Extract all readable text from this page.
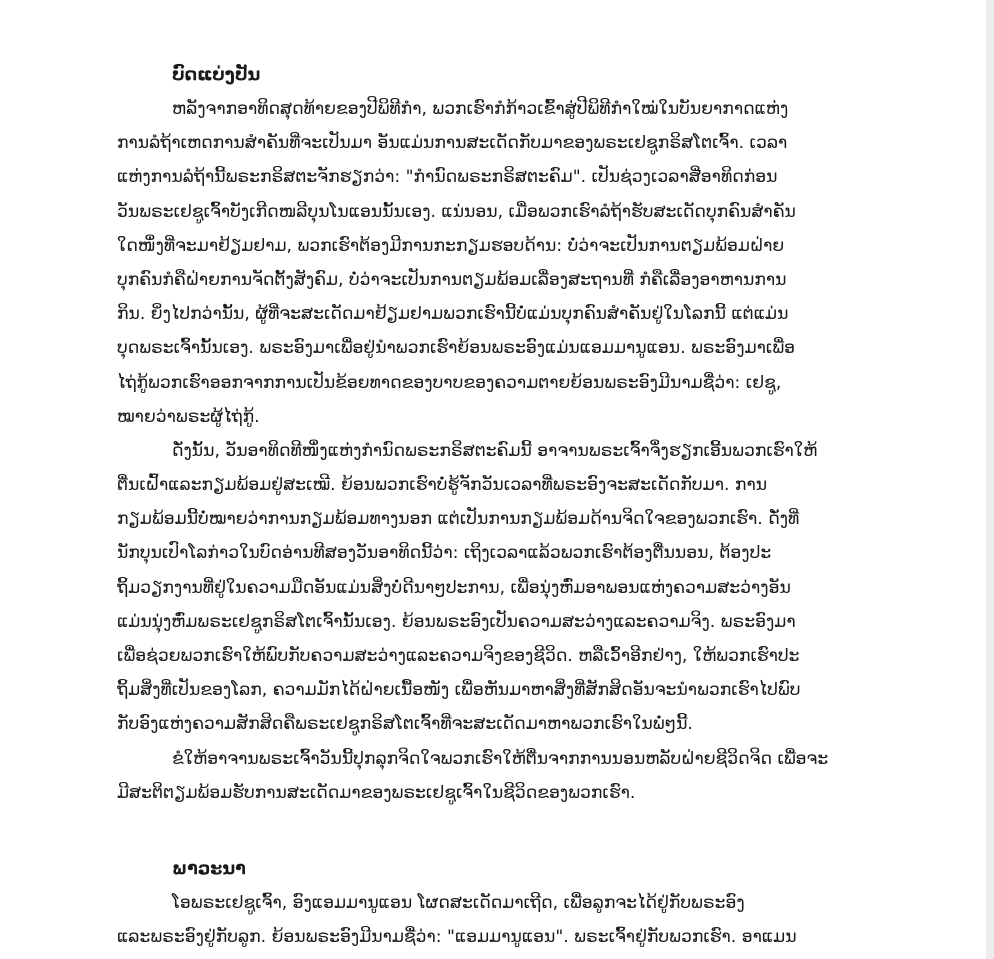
ບົດແບ່ງປັນ
ຫລັງຈາກອາທິດສຸດທ້າຍຂອງປີພິທີກຳ, ພວກເຮົາກໍກ້າວເຂົ້າສູ່ປີພິທີກຳໃໝ່ໃນບັນຍາກາດແຫ່ງ
ການລໍຖ້າເຫດການສຳຄັນທີ່ຈະເປັນມາ ອັນແມ່ນການສະເດັດກັບມາຂອງພຣະເຢຊູກຣິສໂຕເຈົ້າ. ເວລາ
ແຫ່ງການລໍຖ້ານີ້ພຣະກຣິສຕະຈັກຮຽກວ່າ: "ກຳນົດພຣະກຣິສຕະຄົມ". ເປັນຊ່ວງເວລາສີ່ອາທິດກ່ອນ
ວັນພຣະເຢຊູເຈົ້າບັງເກີດໜລີບຸນໂນແອນນັ້ນເອງ. ແນ່ນອນ, ເມື່ອພວກເຮົາລໍຖ້າຮັບສະເດັດບຸກຄົນສຳຄັນ
ໃດໜຶ່ງທີ່ຈະມາຢ້ຽມຢາມ, ພວກເຮົາຕ້ອງມີການກະກຽມຮອບດ້ານ: ບໍ່ວ່າຈະເປັນການຕຽມພ້ອມຝ່າຍ
ບຸກຄົນກໍຄືຝ່າຍການຈັດຕັ້ງສັງຄົມ, ບໍ່ວ່າຈະເປັນການຕຽມພ້ອມເລື່ອງສະຖານທີ່ ກໍຄືເລື່ອງອາຫານການ
ກິນ. ຍິ່ງໄປກວ່ານັ້ນ, ຜູ້ທີ່ຈະສະເດັດມາຢ້ຽມຢາມພວກເຮົານີ້ບໍ່ແມ່ນບຸກຄົນສຳຄັນຢູ່ໃນໂລກນີ້ ແຕ່ແມ່ນ
ບຸດພຣະເຈົ້ານັ້ນເອງ. ພຣະອົງມາເພື່ອຢູ່ນຳພວກເຮົາຍ້ອນພຣະອົງແມ່ນແອມມານູແອນ. ພຣະອົງມາເພື່ອ
ໄຖ່ກູ້ພວກເຮົາອອກຈາກການເປັນຂ້ອຍທາດຂອງບາບຂອງຄວາມຕາຍຍ້ອນພຣະອົງມີນາມຊື່ວ່າ: ເຢຊູ,
ໝາຍວ່າພຣະຜູ້ໄຖ່ກູ້.
ດັ່ງນັ້ນ, ວັນອາທິດທີໜຶ່ງແຫ່ງກຳນົດພຣະກຣິສຕະຄົມນີ້ ອາຈານພຣະເຈົ້າຈຶ່ງຮຽກເອີ້ນພວກເຮົາໃຫ້
ຕື່ນເຝົ້າແລະກຽມພ້ອມຢູ່ສະເໝີ. ຍ້ອນພວກເຮົາບໍ່ຮູ້ຈັກວັນເວລາທີ່ພຣະອົງຈະສະເດັດກັບມາ. ການ
ກຽມພ້ອມນີ້ບໍ່ໝາຍວ່າການກຽມພ້ອມທາງນອກ ແຕ່ເປັນການກຽມພ້ອມດ້ານຈິດໃຈຂອງພວກເຮົາ. ດັ່ງທີ່
ນັກບຸນເປົາໂລກ່າວໃນບົດອ່ານທີສອງວັນອາທິດນີ້ວ່າ: ເຖິງເວລາແລ້ວພວກເຮົາຕ້ອງຕື່ນນອນ, ຕ້ອງປະ
ຖິ້ມວຽກງານທີ່ຢູ່ໃນຄວາມມືດອັນແມ່ນສິ່ງບໍ່ດີນາໆປະການ, ເພື່ອນຸ່ງຫົ່ມອາພອນແຫ່ງຄວາມສະວ່າງອັນ
ແມ່ນນຸ່ງຫົ່ມພຣະເຢຊູກຣິສໂຕເຈົ້ານັ້ນເອງ. ຍ້ອນພຣະອົງເປັນຄວາມສະວ່າງແລະຄວາມຈິງ. ພຣະອົງມາ
ເພື່ອຊ່ວຍພວກເຮົາໃຫ້ພົບກັບຄວາມສະວ່າງແລະຄວາມຈິງຂອງຊີວິດ. ຫລືເວົ້າອີກຢ່າງ, ໃຫ້ພວກເຮົາປະ
ຖິ້ມສິ່ງທີ່ເປັນຂອງໂລກ, ຄວາມມັກໄດ້ຝ່າຍເນື້ອໜັງ ເພື່ອຫັນມາຫາສິ່ງທີ່ສັກສິດອັນຈະນຳພວກເຮົາໄປພົບ
ກັບອົງແຫ່ງຄວາມສັກສິດຄືພຣະເຢຊູກຣິສໂຕເຈົ້າທີ່ຈະສະເດັດມາຫາພວກເຮົາໃນພໍ່ໆນີ້.
ຂໍໃຫ້ອາຈານພຣະເຈົ້າວັນນີ້ປຸກລຸກຈິດໃຈພວກເຮົາໃຫ້ຕື່ນຈາກການນອນຫລັບຝ່າຍຊີວິດຈິດ ເພື່ອຈະ
ມີສະຕິຕຽມພ້ອມຮັບການສະເດັດມາຂອງພຣະເຢຊູເຈົ້າໃນຊີວິດຂອງພວກເຮົາ.
ພາວະນາ
ໂອພຣະເຢຊູເຈົ້າ, ອົງແອມມານູແອນ ໂຜດສະເດັດມາເຖີດ, ເພື່ອລູກຈະໄດ້ຢູ່ກັບພຣະອົງ
ແລະພຣະອົງຢູ່ກັບລູກ. ຍ້ອນພຣະອົງມີນາມຊື່ວ່າ: "ແອມມານູແອນ". ພຣະເຈົ້າຢູ່ກັບພວກເຮົາ. ອາແມນ
